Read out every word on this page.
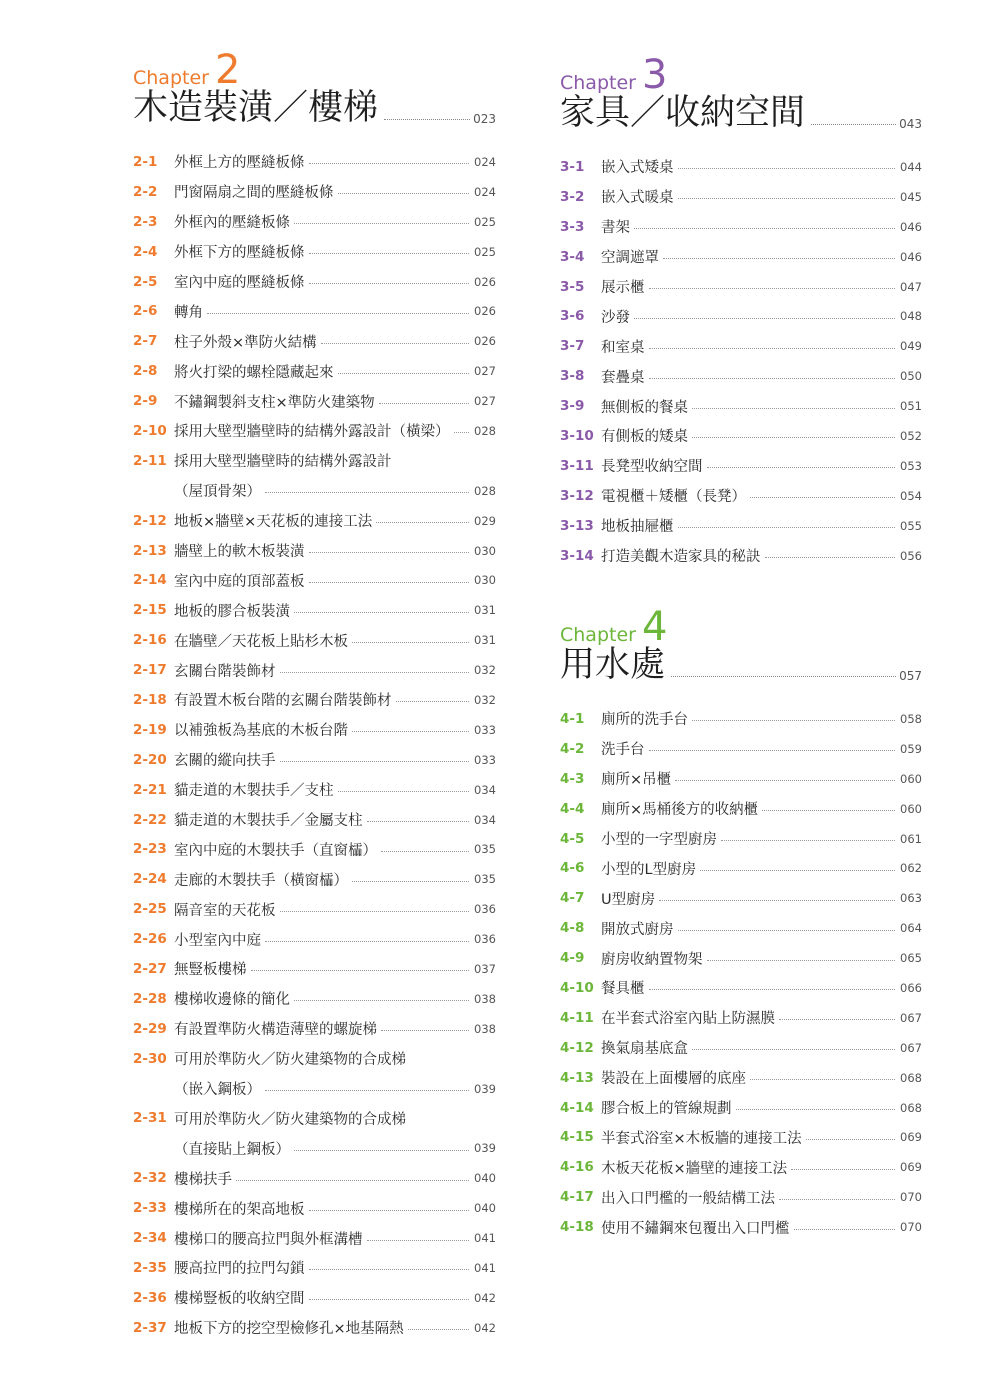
Chapter 2
木造裝潢／樓梯	023
2-1	外框上方的壓縫板條	024
2-2	門窗隔扇之間的壓縫板條	024
2-3	外框內的壓縫板條	025
2-4	外框下方的壓縫板條	025
2-5	室內中庭的壓縫板條	026
2-6	轉角	026
2-7	柱子外殼×準防火結構	026
2-8	將火打梁的螺栓隱藏起來	027
2-9	不鏽鋼製斜支柱×準防火建築物	027
2-10 採用大壁型牆壁時的結構外露設計（橫梁） 028
2-11 採用大壁型牆壁時的結構外露設計
（屋頂骨架）	028
2-12 地板×牆壁×天花板的連接工法	029
2-13 牆壁上的軟木板裝潢	030
2-14 室內中庭的頂部蓋板	030
2-15 地板的膠合板裝潢	031
2-16 在牆壁／天花板上貼杉木板	031
2-17 玄關台階裝飾材	032
2-18 有設置木板台階的玄關台階裝飾材	032
2-19 以補強板為基底的木板台階	033
2-20 玄關的縱向扶手	033
2-21 貓走道的木製扶手／支柱	034
2-22 貓走道的木製扶手／金屬支柱	034
2-23 室內中庭的木製扶手（直窗櫺）	035
2-24 走廊的木製扶手（橫窗櫺）	035
2-25 隔音室的天花板	036
2-26 小型室內中庭	036
2-27 無豎板樓梯	037
2-28 樓梯收邊條的簡化	038
2-29 有設置準防火構造薄壁的螺旋梯	038
2-30 可用於準防火／防火建築物的合成梯
（嵌入鋼板）	039
2-31 可用於準防火／防火建築物的合成梯
（直接貼上鋼板）	039
2-32 樓梯扶手	040
2-33 樓梯所在的架高地板	040
2-34 樓梯口的腰高拉門與外框溝槽	041
2-35 腰高拉門的拉門勾鎖	041
2-36 樓梯豎板的收納空間	042
2-37 地板下方的挖空型檢修孔×地基隔熱	042
Chapter 3
家具／收納空間	043
3-1	嵌入式矮桌	044
3-2	嵌入式暖桌	045
3-3	書架	046
3-4	空調遮罩	046
3-5	展示櫃	047
3-6	沙發	048
3-7	和室桌	049
3-8	套疊桌	050
3-9	無側板的餐桌	051
3-10 有側板的矮桌	052
3-11 長凳型收納空間	053
3-12 電視櫃＋矮櫃（長凳）	054
3-13 地板抽屜櫃	055
3-14 打造美觀木造家具的秘訣	056
Chapter 4
用水處	057
4-1	廁所的洗手台	058
4-2	洗手台	059
4-3	廁所×吊櫃	060
4-4	廁所×馬桶後方的收納櫃	060
4-5	小型的一字型廚房	061
4-6	小型的L型廚房	062
4-7	U型廚房	063
4-8	開放式廚房	064
4-9	廚房收納置物架	065
4-10 餐具櫃	066
4-11 在半套式浴室內貼上防濕膜	067
4-12 換氣扇基底盒	067
4-13 裝設在上面樓層的底座	068
4-14 膠合板上的管線規劃	068
4-15 半套式浴室×木板牆的連接工法	069
4-16 木板天花板×牆壁的連接工法	069
4-17 出入口門檻的一般結構工法	070
4-18 使用不鏽鋼來包覆出入口門檻	070
